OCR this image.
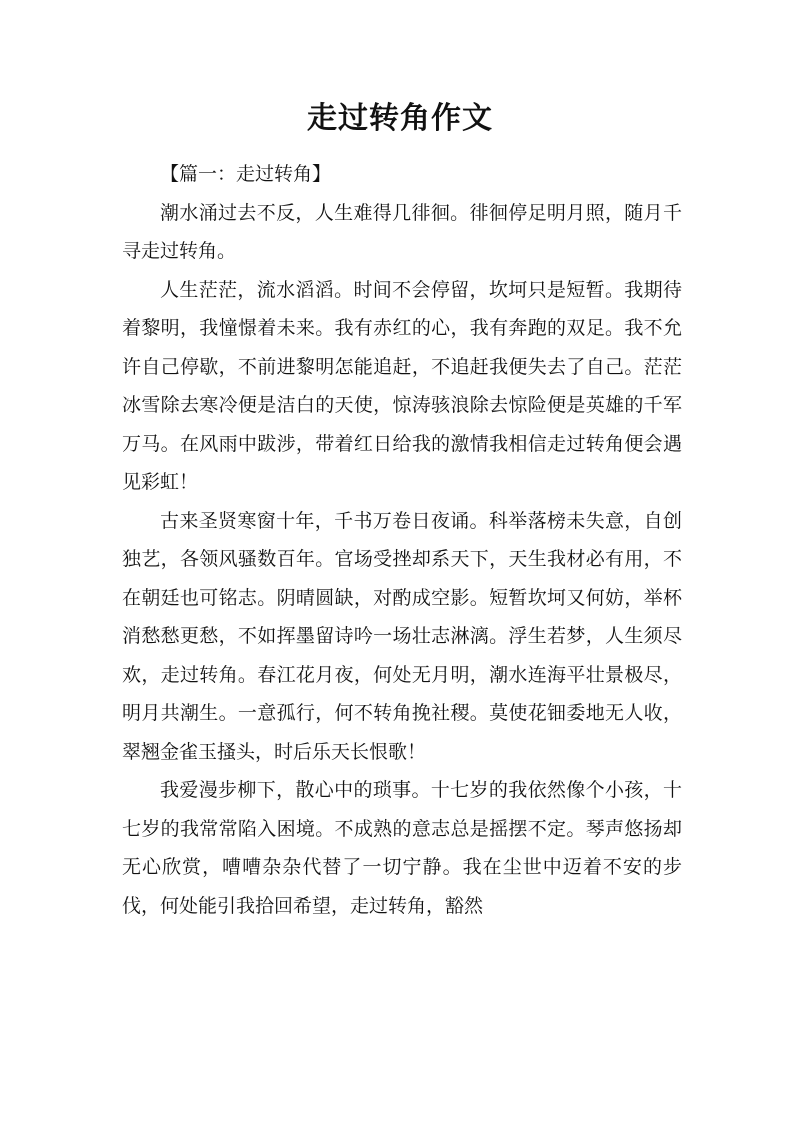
走过转角作文

【篇一：走过转角】

潮水涌过去不反，人生难得几徘徊。徘徊停足明月照，随月千寻走过转角。

人生茫茫，流水滔滔。时间不会停留，坎坷只是短暂。我期待着黎明，我憧憬着未来。我有赤红的心，我有奔跑的双足。我不允许自己停歇，不前进黎明怎能追赶，不追赶我便失去了自己。茫茫冰雪除去寒冷便是洁白的天使，惊涛骇浪除去惊险便是英雄的千军万马。在风雨中跋涉，带着红日给我的激情我相信走过转角便会遇见彩虹！

古来圣贤寒窗十年，千书万卷日夜诵。科举落榜未失意，自创独艺，各领风骚数百年。官场受挫却系天下，天生我材必有用，不在朝廷也可铭志。阴晴圆缺，对酌成空影。短暂坎坷又何妨，举杯消愁愁更愁，不如挥墨留诗吟一场壮志淋漓。浮生若梦，人生须尽欢，走过转角。春江花月夜，何处无月明，潮水连海平壮景极尽，明月共潮生。一意孤行，何不转角挽社稷。莫使花钿委地无人收，翠翘金雀玉搔头，时后乐天长恨歌！

我爱漫步柳下，散心中的琐事。十七岁的我依然像个小孩，十七岁的我常常陷入困境。不成熟的意志总是摇摆不定。琴声悠扬却无心欣赏，嘈嘈杂杂代替了一切宁静。我在尘世中迈着不安的步伐，何处能引我拾回希望，走过转角，豁然
